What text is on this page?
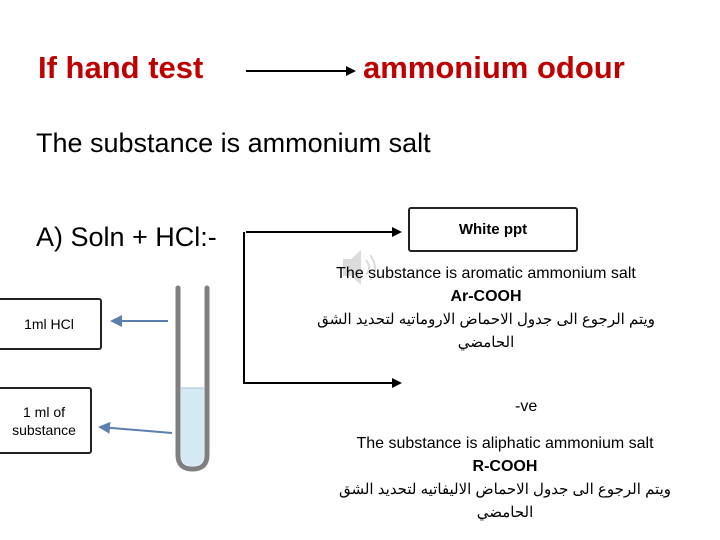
If hand test	ammonium odour
The substance is ammonium salt
A) Soln + HCl:-
1ml HCl
1 ml of
substance
White ppt
The substance is aromatic ammonium salt
Ar-COOH
ويتم الرجوع الى جدول الاحماض الاروماتيه لتحديد الشق
الحامضي
-ve
The substance is aliphatic ammonium salt
R-COOH
ويتم الرجوع الى جدول الاحماض الاليفاتيه لتحديد الشق
الحامضي
